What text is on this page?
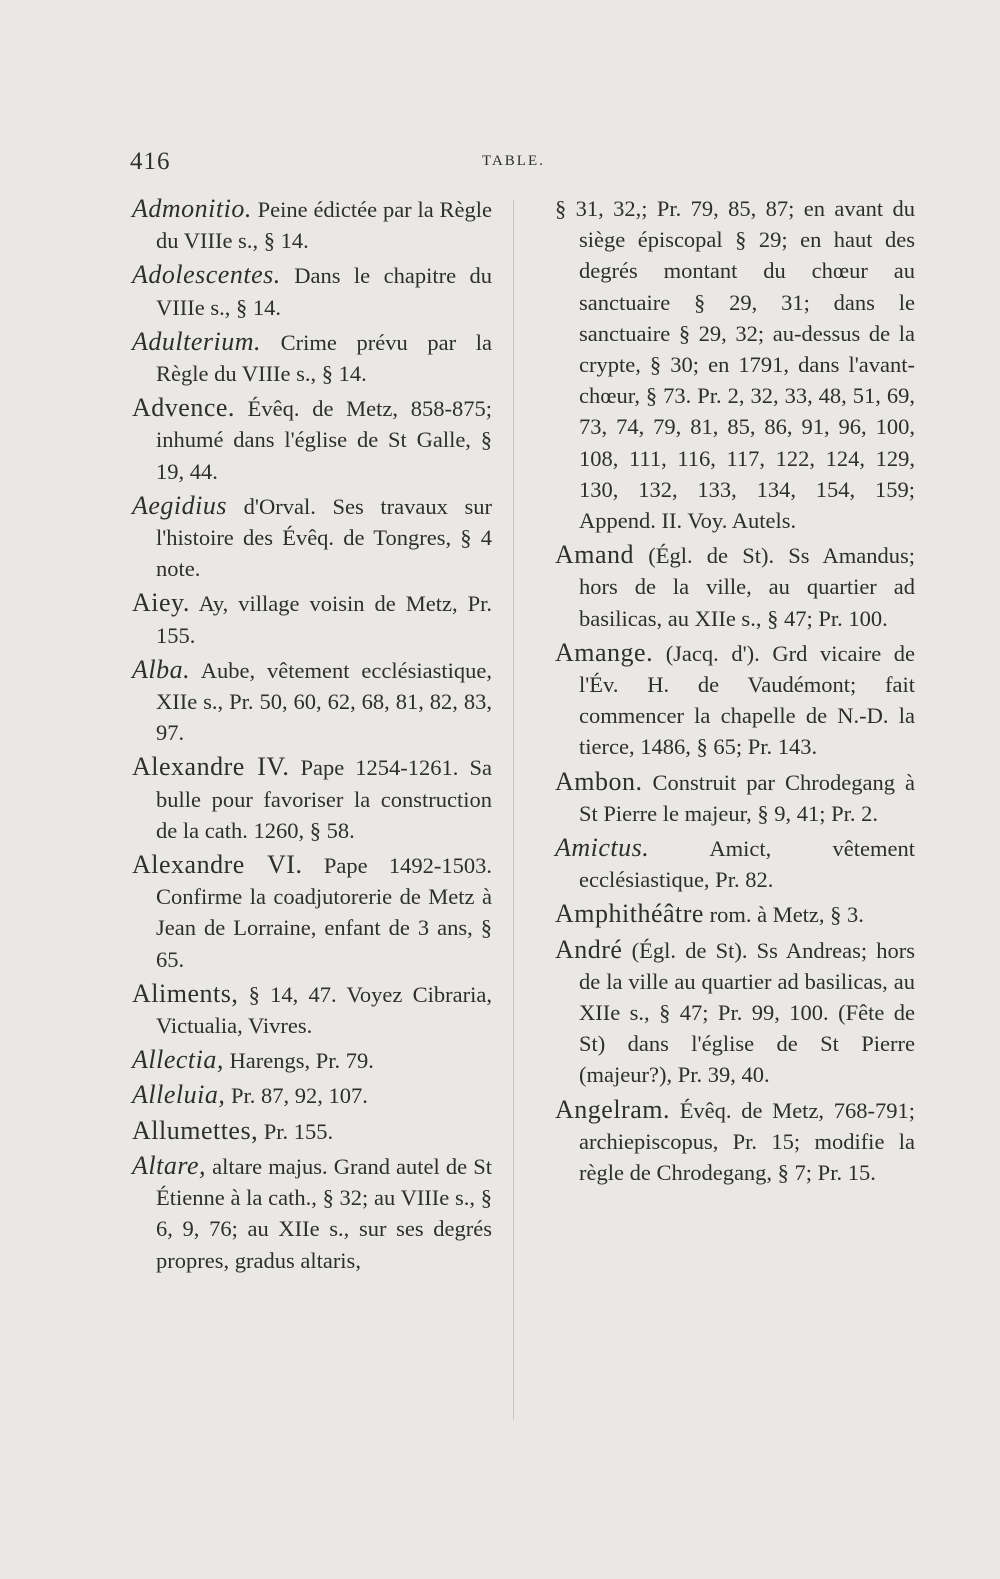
416	TABLE.

Admonitio. Peine édictée par la Règle du VIIIe s., § 14.

Adolescentes. Dans le chapitre du VIIIe s., § 14.

Adulterium. Crime prévu par la Règle du VIIIe s., § 14.

Advence. Évêq. de Metz, 858-875; inhumé dans l'église de St Galle, § 19, 44.

Aegidius d'Orval. Ses travaux sur l'histoire des Évêq. de Tongres, § 4 note.

Aiey. Ay, village voisin de Metz, Pr. 155.

Alba. Aube, vêtement ecclésiastique, XIIe s., Pr. 50, 60, 62, 68, 81, 82, 83, 97.

Alexandre IV. Pape 1254-1261. Sa bulle pour favoriser la construction de la cath. 1260, § 58.

Alexandre VI. Pape 1492-1503. Confirme la coadjutorerie de Metz à Jean de Lorraine, enfant de 3 ans, § 65.

Aliments, § 14, 47. Voyez Cibraria, Victualia, Vivres.

Allectia, Harengs, Pr. 79.

Alleluia, Pr. 87, 92, 107.

Allumettes, Pr. 155.

Altare, altare majus. Grand autel de St Étienne à la cath., § 32; au VIIIe s., § 6, 9, 76; au XIIe s., sur ses degrés propres, gradus altaris,

§ 31, 32,; Pr. 79, 85, 87; en avant du siège épiscopal § 29; en haut des degrés montant du chœur au sanctuaire § 29, 31; dans le sanctuaire § 29, 32; au-dessus de la crypte, § 30; en 1791, dans l'avant-chœur, § 73. Pr. 2, 32, 33, 48, 51, 69, 73, 74, 79, 81, 85, 86, 91, 96, 100, 108, 111, 116, 117, 122, 124, 129, 130, 132, 133, 134, 154, 159; Append. II. Voy. Autels.

Amand (Égl. de St). Ss Amandus; hors de la ville, au quartier ad basilicas, au XIIe s., § 47; Pr. 100.

Amange. (Jacq. d'). Grd vicaire de l'Év. H. de Vaudémont; fait commencer la chapelle de N.-D. la tierce, 1486, § 65; Pr. 143.

Ambon. Construit par Chrodegang à St Pierre le majeur, § 9, 41; Pr. 2.

Amictus.	Amict, vêtement ecclésiastique, Pr. 82.

Amphithéâtre rom. à Metz, § 3.

André (Égl. de St). Ss Andreas; hors de la ville au quartier ad basilicas, au XIIe s., § 47; Pr. 99, 100. (Fête de St) dans l'église de St Pierre (majeur?), Pr. 39, 40.

Angelram. Évêq. de Metz, 768-791; archiepiscopus, Pr. 15; modifie la règle de Chrodegang, § 7; Pr. 15.
